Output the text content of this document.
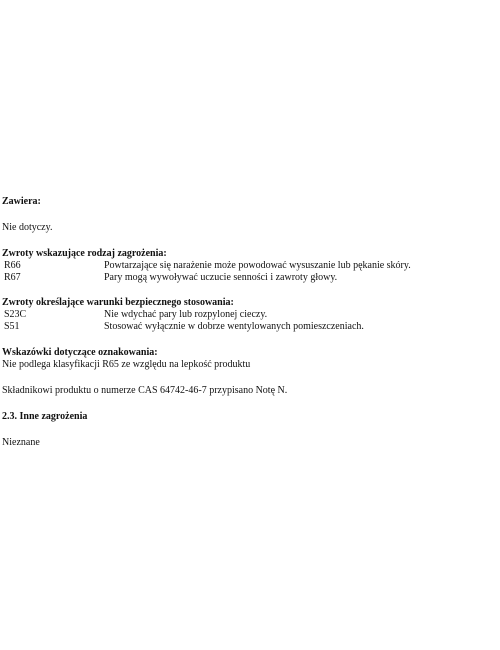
Zawiera:
Nie dotyczy.
Zwroty wskazujące rodzaj zagrożenia:
R66	Powtarzające się narażenie może powodować wysuszanie lub pękanie skóry.
R67	Pary mogą wywoływać uczucie senności i zawroty głowy.
Zwroty określające warunki bezpiecznego stosowania:
S23C	Nie wdychać pary lub rozpylonej cieczy.
S51	Stosować wyłącznie w dobrze wentylowanych pomieszczeniach.
Wskazówki dotyczące oznakowania:
Nie podlega klasyfikacji R65 ze względu na lepkość produktu
Składnikowi produktu o numerze CAS 64742-46-7 przypisano Notę N.
2.3. Inne zagrożenia
Nieznane
